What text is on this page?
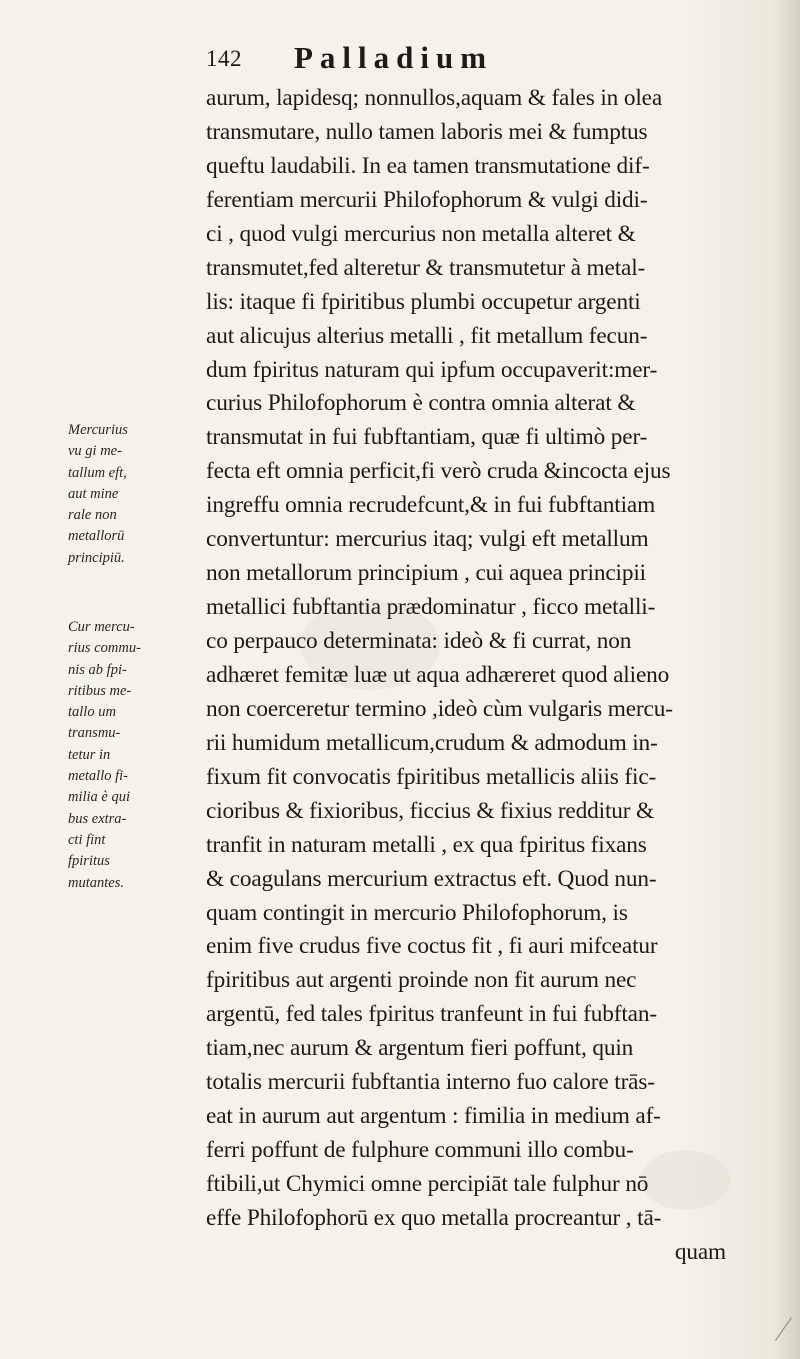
142 Palladium
aurum, lapidesq; nonnullos,aquam & fales in olea
transmutare, nullo tamen laboris mei & fumptus
queftu laudabili. In ea tamen transmutatione dif-
ferentiam mercurii Philofophorum & vulgi didi-
ci , quod vulgi mercurius non metalla alteret &
transmutet,fed alteretur & transmutetur à metal-
lis: itaque fi fpiritibus plumbi occupetur argenti
aut alicujus alterius metalli , fit metallum fecun-
dum fpiritus naturam qui ipfum occupaverit:mer-
curius Philofophorum è contra omnia alterat &
transmutat in fui fubftantiam, quæ fi ultimò per-
fecta eft omnia perficit,fi verò cruda &incocta ejus
ingreffu omnia recrudefcunt,& in fui fubftantiam
convertuntur: mercurius itaq; vulgi eft metallum
non metallorum principium , cui aquea principii
metallici fubftantia prædominatur , ficco metalli-
co perpauco determinata: ideò & fi currat, non
adhæret femitæ luæ ut aqua adhæreret quod alieno
non coerceretur termino ,ideò cùm vulgaris mercu-
rii humidum metallicum,crudum & admodum in-
fixum fit convocatis fpiritibus metallicis aliis fic-
cioribus & fixioribus, ficcius & fixius redditur &
tranfit in naturam metalli , ex qua fpiritus fixans
& coagulans mercurium extractus eft. Quod nun-
quam contingit in mercurio Philofophorum, is
enim five crudus five coctus fit , fi auri mifceatur
fpiritibus aut argenti proinde non fit aurum nec
argentū, fed tales fpiritus tranfeunt in fui fubftan-
tiam,nec aurum & argentum fieri poffunt, quin
totalis mercurii fubftantia interno fuo calore trās-
eat in aurum aut argentum : fimilia in medium af-
ferri poffunt de fulphure communi illo combu-
ftibili,ut Chymici omne percipiāt tale fulphur nō
effe Philofophorū ex quo metalla procreantur , tā-
quam
Mercurius
vu gi me-
tallum eft,
aut mine
rale non
metallorū
principiū.
Cur mercu-
rius commu-
nis ab fpi-
ritibus me-
tallo um
transmu-
tetur in
metallo fi-
milia è qui
bus extra-
cti fint
fpiritus
mutantes.
